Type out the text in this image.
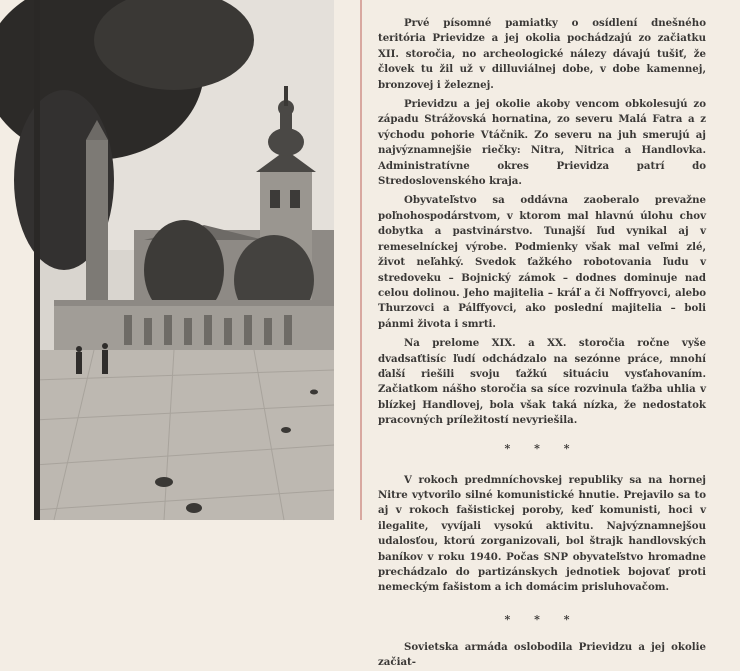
Prvé písomné pamiatky o osídlení dnešného teritória Prievidze a jej okolia pochádzajú zo začiatku XII. storočia, no archeologické nálezy dávajú tušiť, že človek tu žil už v dilluviálnej dobe, v dobe kamennej, bronzovej i železnej.

Prievidzu a jej okolie akoby vencom obkolesujú zo západu Strážovská hornatina, zo severu Malá Fatra a z východu pohorie Vtáčnik. Zo severu na juh smerujú aj najvýznamnejšie riečky: Nitra, Nitrica a Handlovka. Administratívne okres Prievidza patrí do Stredoslovenského kraja.

Obyvateľstvo sa oddávna zaoberalo prevažne poľnohospodárstvom, v ktorom mal hlavnú úlohu chov dobytka a pastvinárstvo. Tunajší ľud vynikal aj v remeselníckej výrobe. Podmienky však mal veľmi zlé, život neľahký. Svedok ťažkého robotovania ľudu v stredoveku – Bojnický zámok – dodnes dominuje nad celou dolinou. Jeho majitelia – kráľ a či Noffryovci, alebo Thurzovci a Pálffyovci, ako poslední majitelia – boli pánmi života i smrti.

Na prelome XIX. a XX. storočia ročne vyše dvadsaťtisíc ľudí odchádzalo na sezónne práce, mnohí ďalší riešili svoju ťažkú situáciu vysťahovaním. Začiatkom nášho storočia sa síce rozvinula ťažba uhlia v blízkej Handlovej, bola však taká nízka, že nedostatok pracovných príležitostí nevyriešila.

* * *

V rokoch predmníchovskej republiky sa na hornej Nitre vytvorilo silné komunistické hnutie. Prejavilo sa to aj v rokoch fašistickej poroby, keď komunisti, hoci v ilegalite, vyvíjali vysokú aktivitu. Najvýznamnejšou udalosťou, ktorú zorganizovali, bol štrajk handlovských baníkov v roku 1940. Počas SNP obyvateľstvo hromadne prechádzalo do partizánskych jednotiek bojovať proti nemeckým fašistom a ich domácim prisluhovačom.

* * *

Sovietska armáda oslobodila Prievidzu a jej okolie začiat-
